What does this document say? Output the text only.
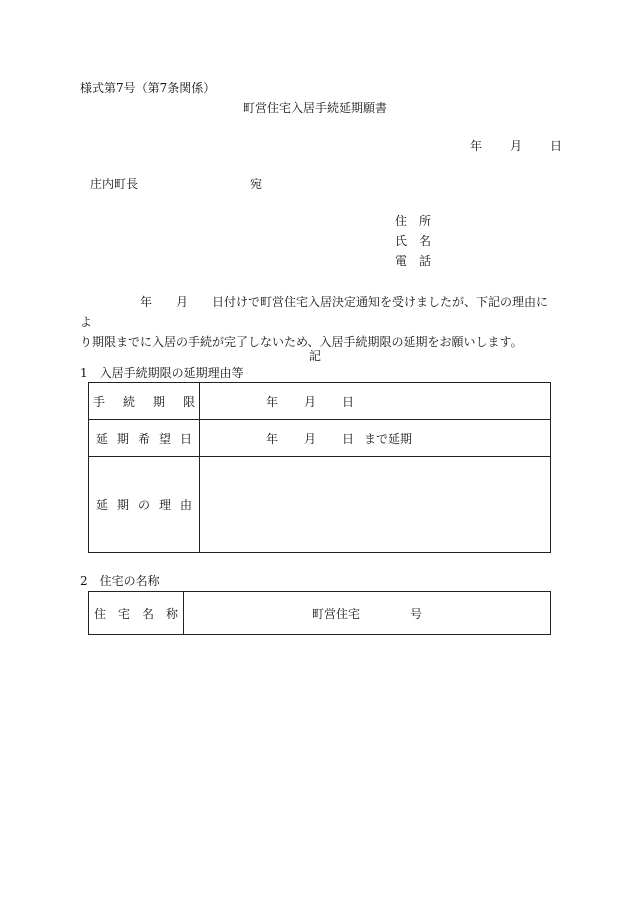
様式第7号（第7条関係）
町営住宅入居手続延期願書
年 月 日
庄内町長	宛
住　所
氏　名
電　話
年 月 日付けで町営住宅入居決定通知を受けましたが、下記の理由によ
り期限までに入居の手続が完了しないため、入居手続期限の延期をお願いします。
記
1　入居手続期限の延期理由等
手 続 期 限	年 月 日
延 期 希 望 日	年 月 日 まで延期
延 期 の 理 由	
2　住宅の名称
住 宅 名 称	町営住宅	号
